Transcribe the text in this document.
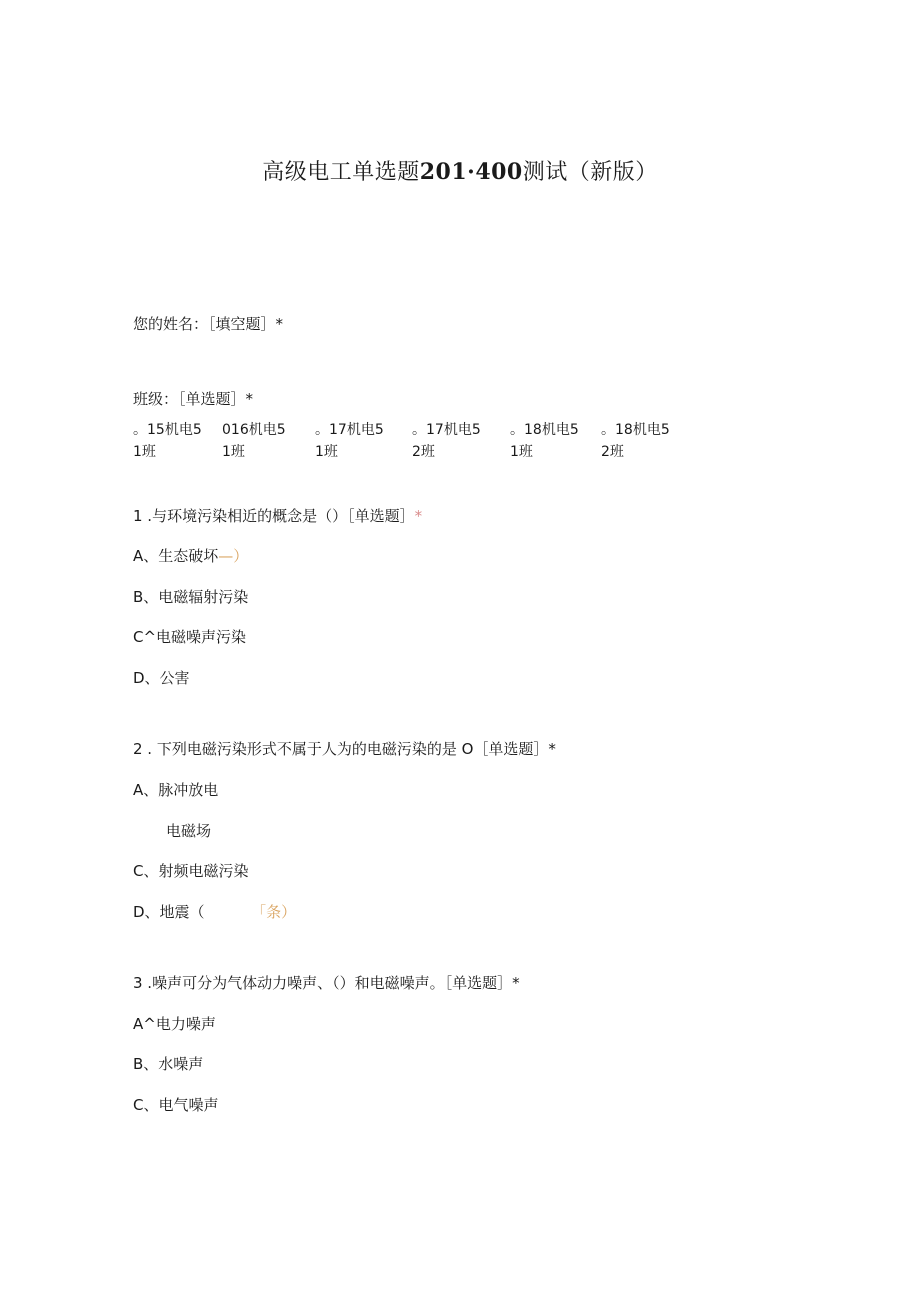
高级电工单选题201·400测试（新版）
您的姓名：［填空题］*
班级：［单选题］*
。15机电5
1班
016机电5
1班
。17机电5
1班
。17机电5
2班
。18机电5
1班
。18机电5
2班
1 .与环境污染相近的概念是（）［单选题］*
A、生态破坏—）
B、电磁辐射污染
C^电磁噪声污染
D、公害
2 . 下列电磁污染形式不属于人为的电磁污染的是 O［单选题］*
A、脉冲放电
电磁场
C、射频电磁污染
D、地震（	「条）
3 .噪声可分为气体动力噪声、（）和电磁噪声。［单选题］*
A^电力噪声
B、水噪声
C、电气噪声
